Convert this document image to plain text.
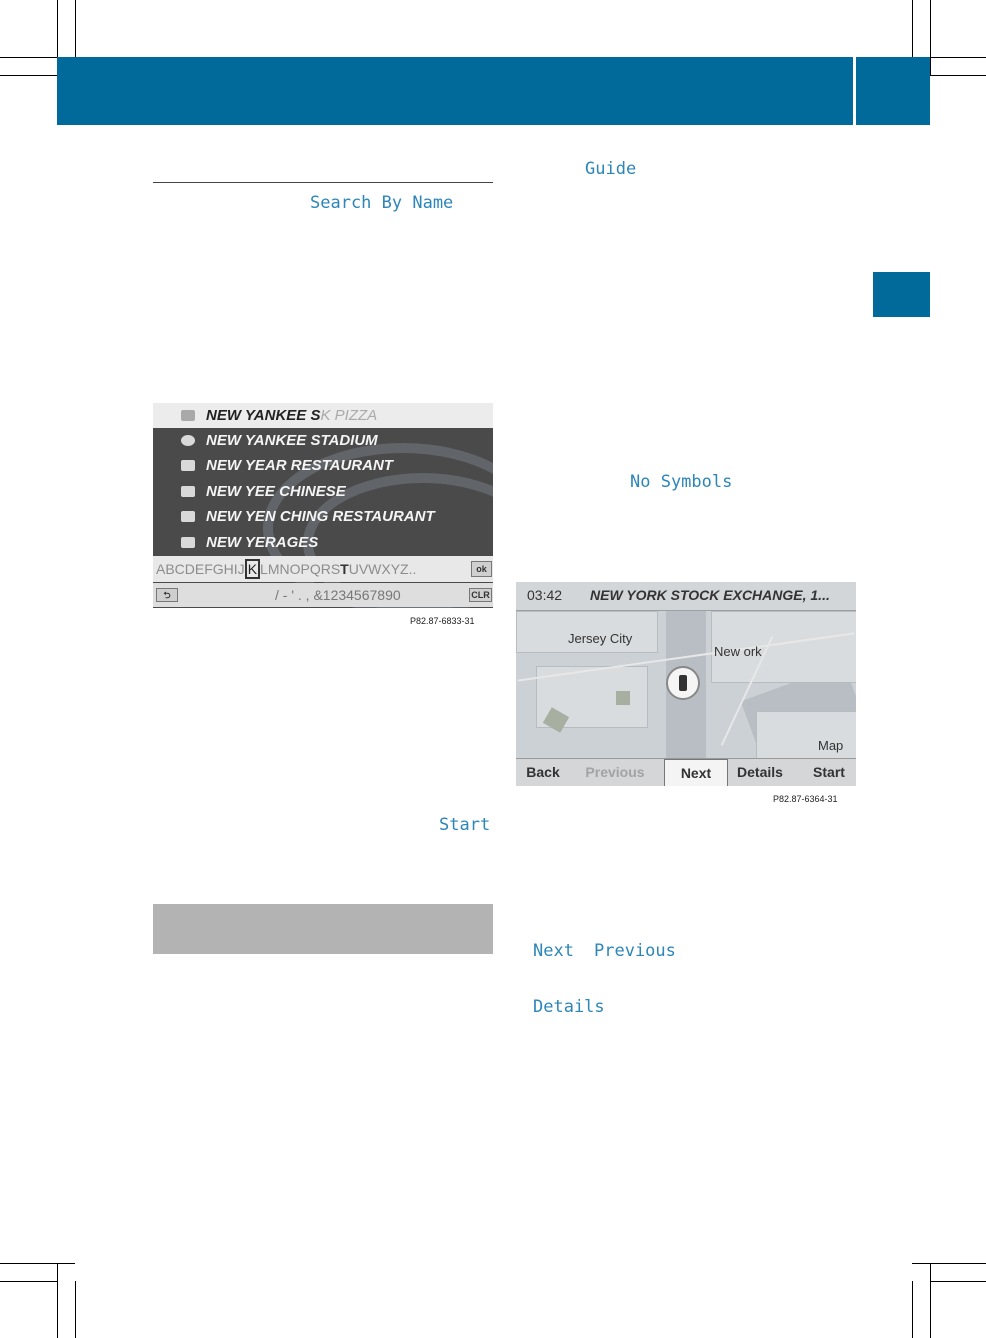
Search By Name
NEW YANKEE SK PIZZA
NEW YANKEE STADIUM
NEW YEAR RESTAURANT
NEW YEE CHINESE
NEW YEN CHING RESTAURANT
NEW YERAGES
ABCDEFGHIJ K LMNOPQRSTUVWXYZ..	ok
⮌	/ - ' . , &1234567890	CLR
P82.87-6833-31
Start
Guide
No Symbols
03:42 NEW YORK STOCK EXCHANGE, 1...
Jersey City
New ork
Map
Back	Previous	Next	Details	Start
P82.87-6364-31
Next Previous
Details
